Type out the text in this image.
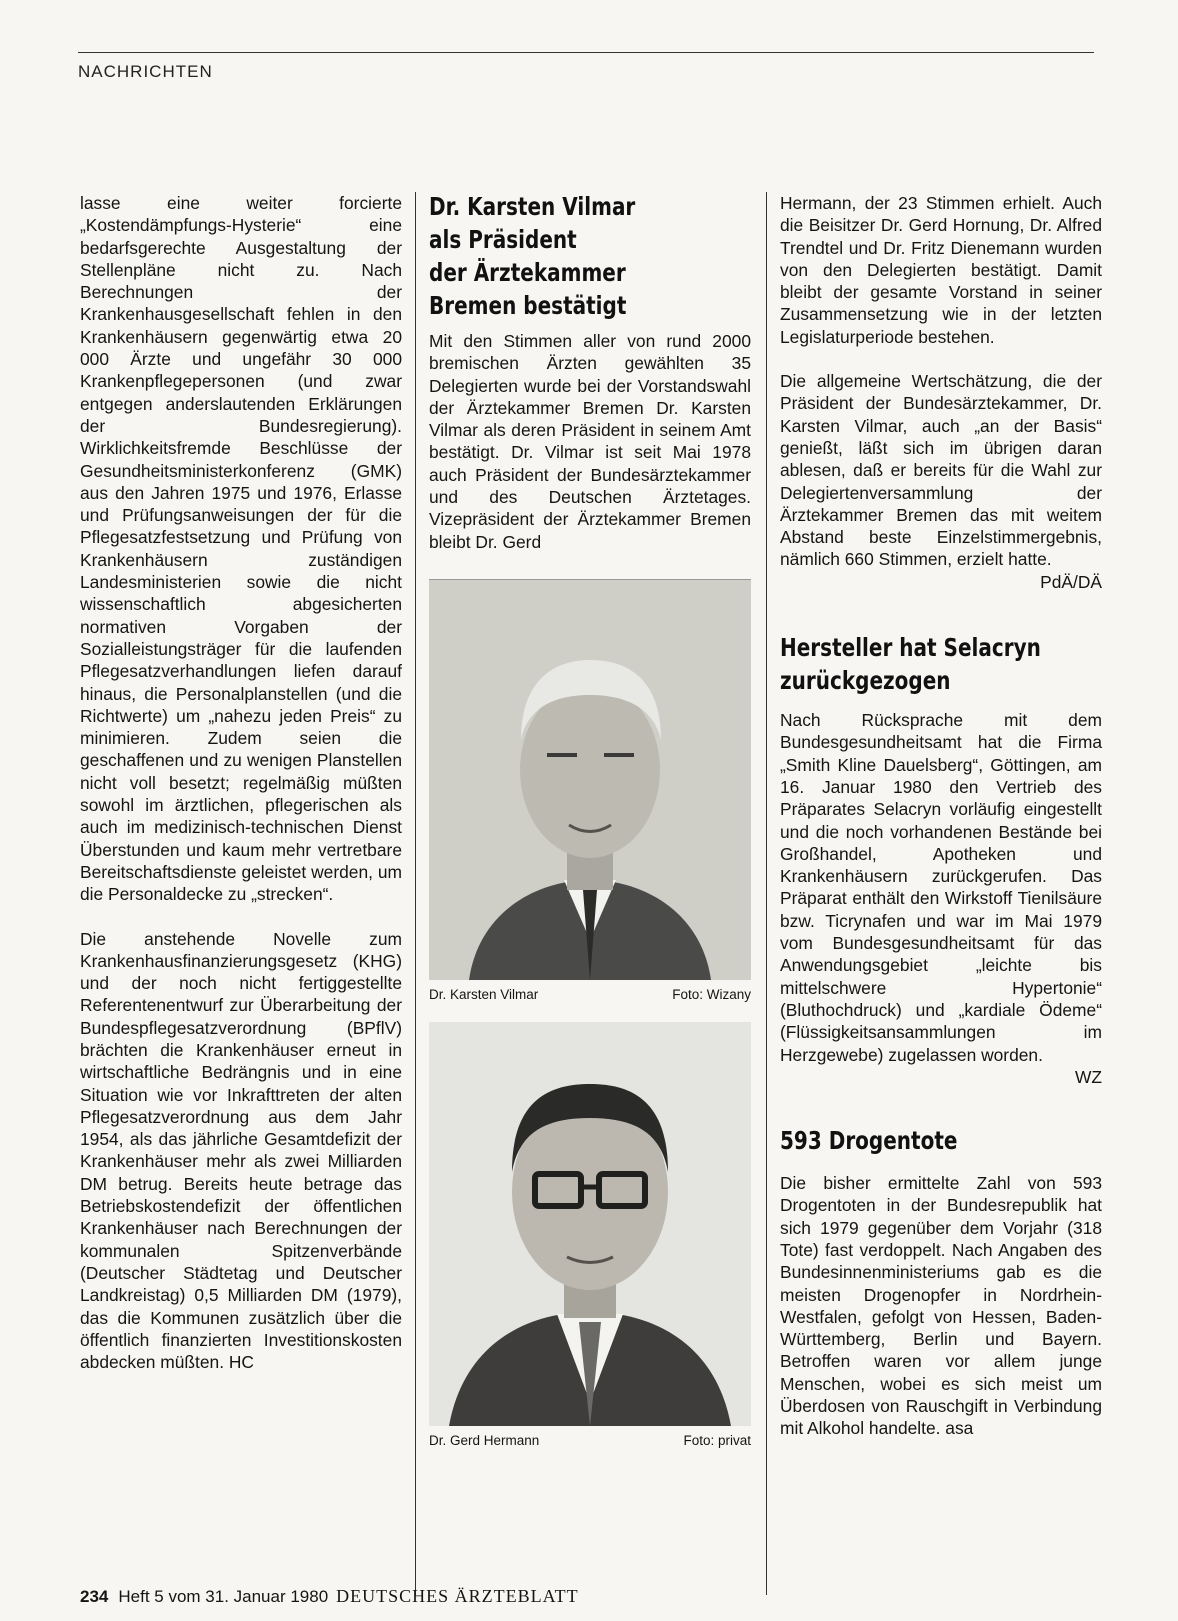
NACHRICHTEN

lasse eine weiter forcierte „Kostendämpfungs-Hysterie“ eine bedarfsgerechte Ausgestaltung der Stellenpläne nicht zu. Nach Berechnungen der Krankenhausgesellschaft fehlen in den Krankenhäusern gegenwärtig etwa 20 000 Ärzte und ungefähr 30 000 Krankenpflegepersonen (und zwar entgegen anderslautenden Erklärungen der Bundesregierung). Wirklichkeitsfremde Beschlüsse der Gesundheitsministerkonferenz (GMK) aus den Jahren 1975 und 1976, Erlasse und Prüfungsanweisungen der für die Pflegesatzfestsetzung und Prüfung von Krankenhäusern zuständigen Landesministerien sowie die nicht wissenschaftlich abgesicherten normativen Vorgaben der Sozialleistungsträger für die laufenden Pflegesatzverhandlungen liefen darauf hinaus, die Personalplanstellen (und die Richtwerte) um „nahezu jeden Preis“ zu minimieren. Zudem seien die geschaffenen und zu wenigen Planstellen nicht voll besetzt; regelmäßig müßten sowohl im ärztlichen, pflegerischen als auch im medizinisch-technischen Dienst Überstunden und kaum mehr vertretbare Bereitschaftsdienste geleistet werden, um die Personaldecke zu „strecken“.

Die anstehende Novelle zum Krankenhausfinanzierungsgesetz (KHG) und der noch nicht fertiggestellte Referentenentwurf zur Überarbeitung der Bundespflegesatzverordnung (BPflV) brächten die Krankenhäuser erneut in wirtschaftliche Bedrängnis und in eine Situation wie vor Inkrafttreten der alten Pflegesatzverordnung aus dem Jahr 1954, als das jährliche Gesamtdefizit der Krankenhäuser mehr als zwei Milliarden DM betrug. Bereits heute betrage das Betriebskostendefizit der öffentlichen Krankenhäuser nach Berechnungen der kommunalen Spitzenverbände (Deutscher Städtetag und Deutscher Landkreistag) 0,5 Milliarden DM (1979), das die Kommunen zusätzlich über die öffentlich finanzierten Investitionskosten abdecken müßten. HC

Dr. Karsten Vilmar
als Präsident
der Ärztekammer
Bremen bestätigt

Mit den Stimmen aller von rund 2000 bremischen Ärzten gewählten 35 Delegierten wurde bei der Vorstandswahl der Ärztekammer Bremen Dr. Karsten Vilmar als deren Präsident in seinem Amt bestätigt. Dr. Vilmar ist seit Mai 1978 auch Präsident der Bundesärztekammer und des Deutschen Ärztetages. Vizepräsident der Ärztekammer Bremen bleibt Dr. Gerd

Dr. Karsten Vilmar	Foto: Wizany
Dr. Gerd Hermann	Foto: privat

Hermann, der 23 Stimmen erhielt. Auch die Beisitzer Dr. Gerd Hornung, Dr. Alfred Trendtel und Dr. Fritz Dienemann wurden von den Delegierten bestätigt. Damit bleibt der gesamte Vorstand in seiner Zusammensetzung wie in der letzten Legislaturperiode bestehen.

Die allgemeine Wertschätzung, die der Präsident der Bundesärztekammer, Dr. Karsten Vilmar, auch „an der Basis“ genießt, läßt sich im übrigen daran ablesen, daß er bereits für die Wahl zur Delegiertenversammlung der Ärztekammer Bremen das mit weitem Abstand beste Einzelstimmergebnis, nämlich 660 Stimmen, erzielt hatte.

PdÄ/DÄ

Hersteller hat Selacryn
zurückgezogen

Nach Rücksprache mit dem Bundesgesundheitsamt hat die Firma „Smith Kline Dauelsberg“, Göttingen, am 16. Januar 1980 den Vertrieb des Präparates Selacryn vorläufig eingestellt und die noch vorhandenen Bestände bei Großhandel, Apotheken und Krankenhäusern zurückgerufen. Das Präparat enthält den Wirkstoff Tienilsäure bzw. Ticrynafen und war im Mai 1979 vom Bundesgesundheitsamt für das Anwendungsgebiet „leichte bis mittelschwere Hypertonie“ (Bluthochdruck) und „kardiale Ödeme“ (Flüssigkeitsansammlungen im Herzgewebe) zugelassen worden.

WZ

593 Drogentote

Die bisher ermittelte Zahl von 593 Drogentoten in der Bundesrepublik hat sich 1979 gegenüber dem Vorjahr (318 Tote) fast verdoppelt. Nach Angaben des Bundesinnenministeriums gab es die meisten Drogenopfer in Nordrhein-Westfalen, gefolgt von Hessen, Baden-Württemberg, Berlin und Bayern. Betroffen waren vor allem junge Menschen, wobei es sich meist um Überdosen von Rauschgift in Verbindung mit Alkohol handelte. asa

234 Heft 5 vom 31. Januar 1980 DEUTSCHES ÄRZTEBLATT
